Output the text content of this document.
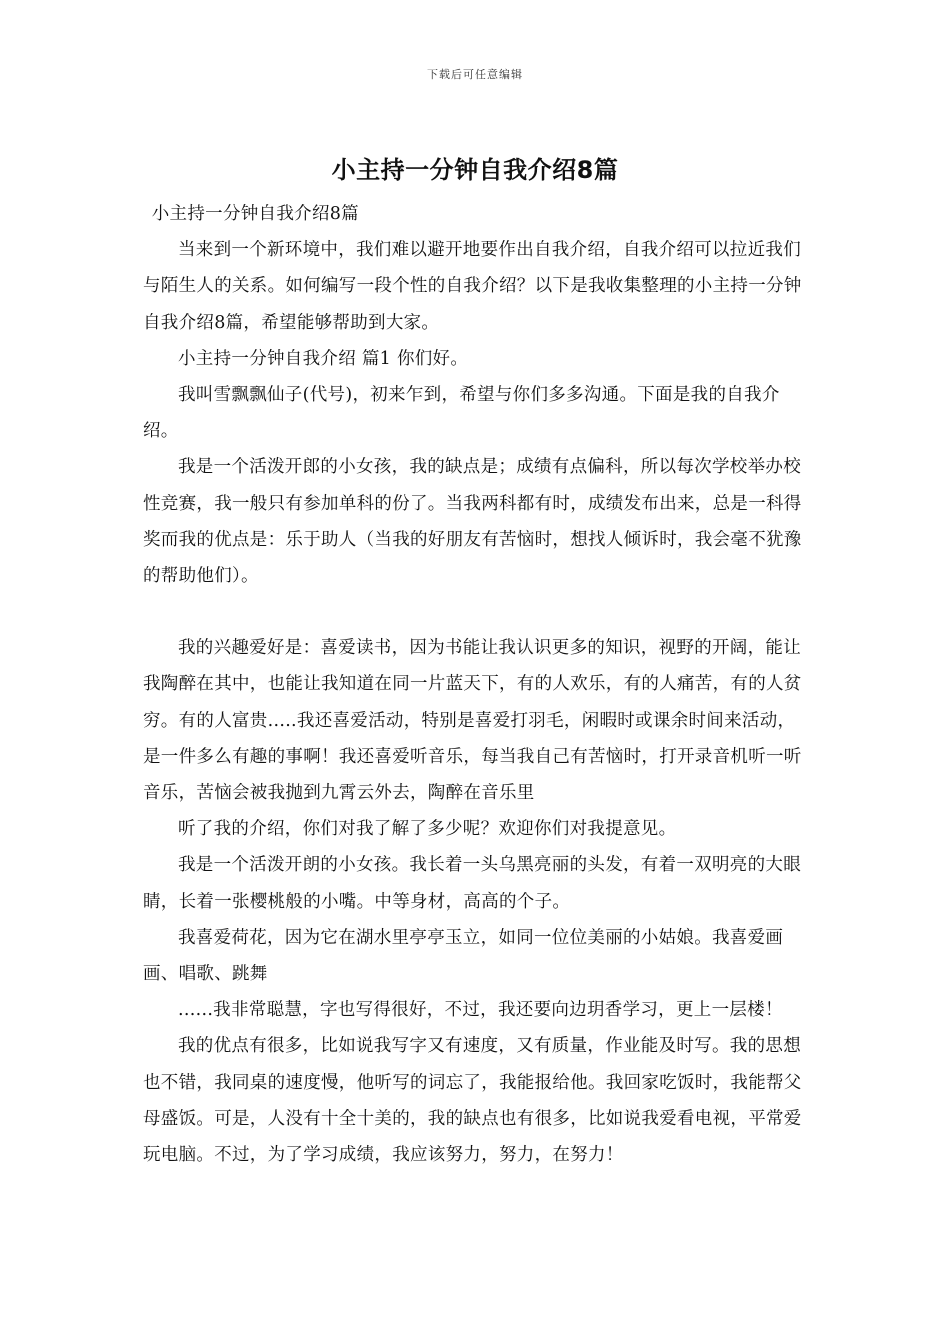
下载后可任意编辑
小主持一分钟自我介绍8篇

小主持一分钟自我介绍8篇

当来到一个新环境中，我们难以避开地要作出自我介绍，自我介绍可以拉近我们与陌生人的关系。如何编写一段个性的自我介绍？以下是我收集整理的小主持一分钟自我介绍8篇，希望能够帮助到大家。

小主持一分钟自我介绍 篇1 你们好。

我叫雪飘飘仙子(代号)，初来乍到，希望与你们多多沟通。下面是我的自我介绍。

我是一个活泼开郎的小女孩，我的缺点是；成绩有点偏科，所以每次学校举办校性竞赛，我一般只有参加单科的份了。当我两科都有时，成绩发布出来，总是一科得奖而我的优点是：乐于助人（当我的好朋友有苦恼时，想找人倾诉时，我会毫不犹豫的帮助他们）。

我的兴趣爱好是：喜爱读书，因为书能让我认识更多的知识，视野的开阔，能让我陶醉在其中，也能让我知道在同一片蓝天下，有的人欢乐，有的人痛苦，有的人贫穷。有的人富贵.....我还喜爱活动，特别是喜爱打羽毛，闲暇时或课余时间来活动，是一件多么有趣的事啊！我还喜爱听音乐，每当我自己有苦恼时，打开录音机听一听音乐，苦恼会被我抛到九霄云外去，陶醉在音乐里

听了我的介绍，你们对我了解了多少呢？欢迎你们对我提意见。

我是一个活泼开朗的小女孩。我长着一头乌黑亮丽的头发，有着一双明亮的大眼睛，长着一张樱桃般的小嘴。中等身材，高高的个子。

我喜爱荷花，因为它在湖水里亭亭玉立，如同一位位美丽的小姑娘。我喜爱画画、唱歌、跳舞

......我非常聪慧，字也写得很好，不过，我还要向边玥香学习，更上一层楼！

我的优点有很多，比如说我写字又有速度，又有质量，作业能及时写。我的思想也不错，我同桌的速度慢，他听写的词忘了，我能报给他。我回家吃饭时，我能帮父母盛饭。可是，人没有十全十美的，我的缺点也有很多，比如说我爱看电视，平常爱玩电脑。不过，为了学习成绩，我应该努力，努力，在努力！
